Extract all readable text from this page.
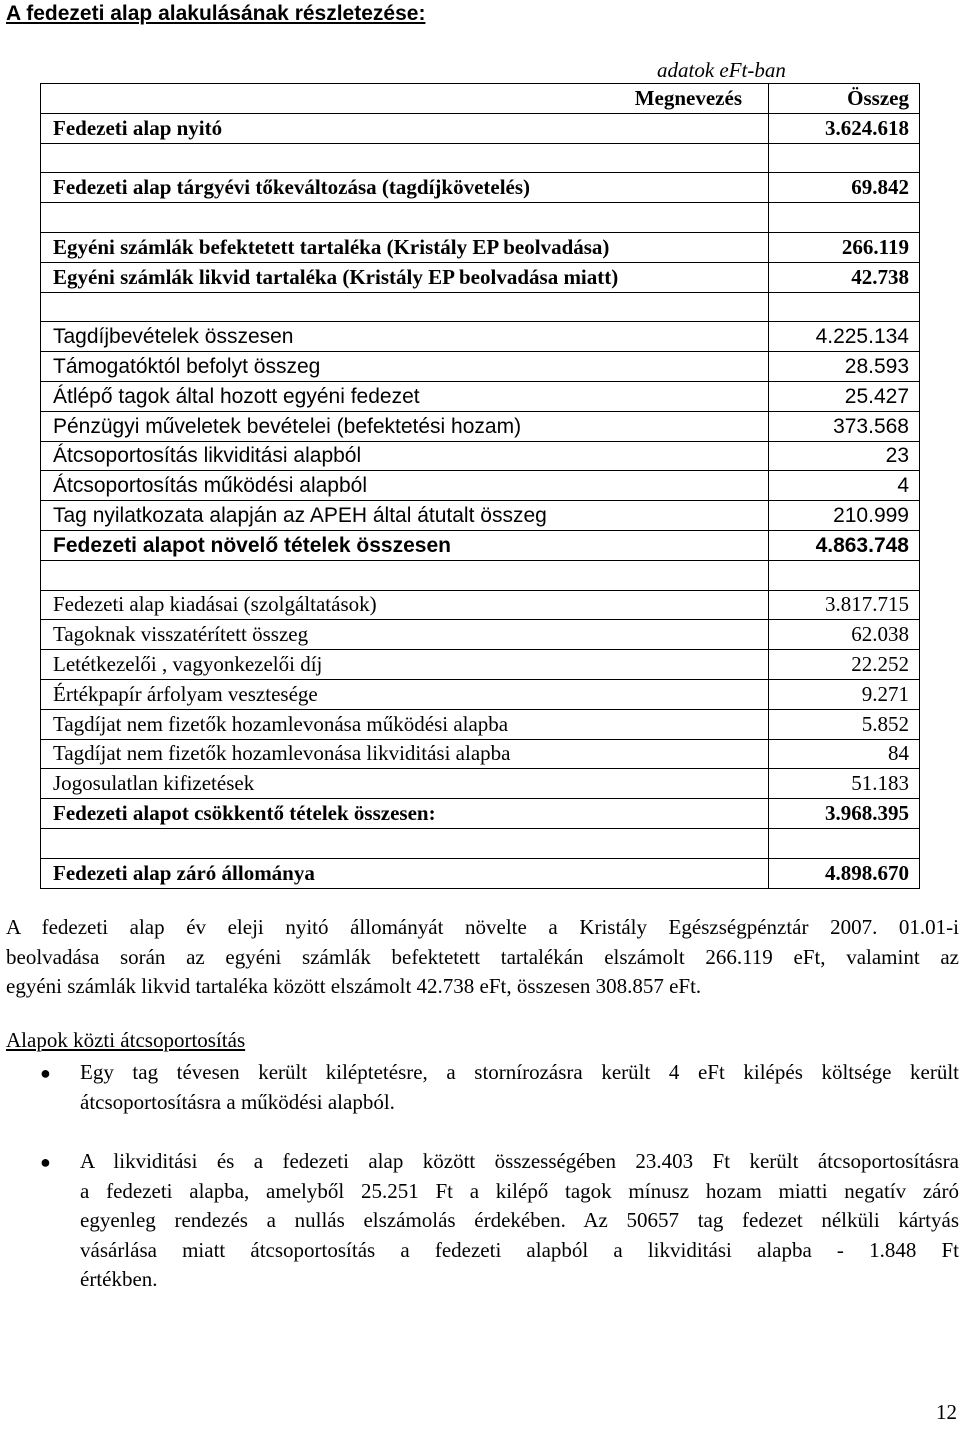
A fedezeti alap alakulásának részletezése:
adatok eFt-ban
Megnevezés	Összeg
Fedezeti alap nyitó	3.624.618

Fedezeti alap tárgyévi tőkeváltozása (tagdíjkövetelés)	69.842

Egyéni számlák befektetett tartaléka (Kristály EP beolvadása)	266.119
Egyéni számlák likvid tartaléka (Kristály EP beolvadása miatt)	42.738

Tagdíjbevételek összesen	4.225.134
Támogatóktól befolyt összeg	28.593
Átlépő tagok által hozott egyéni fedezet	25.427
Pénzügyi műveletek bevételei (befektetési hozam)	373.568
Átcsoportosítás likviditási alapból	23
Átcsoportosítás működési alapból	4
Tag nyilatkozata alapján az APEH által átutalt összeg	210.999
Fedezeti alapot növelő tételek összesen	4.863.748

Fedezeti alap kiadásai (szolgáltatások)	3.817.715
Tagoknak visszatérített összeg	62.038
Letétkezelői , vagyonkezelői díj	22.252
Értékpapír árfolyam vesztesége	9.271
Tagdíjat nem fizetők hozamlevonása működési alapba	5.852
Tagdíjat nem fizetők hozamlevonása likviditási alapba	84
Jogosulatlan kifizetések	51.183
Fedezeti alapot csökkentő tételek összesen:	3.968.395

Fedezeti alap záró állománya	4.898.670
A fedezeti alap év eleji nyitó állományát növelte a Kristály Egészségpénztár 2007. 01.01-i
beolvadása során az egyéni számlák befektetett tartalékán elszámolt 266.119 eFt, valamint az
egyéni számlák likvid tartaléka között elszámolt 42.738 eFt, összesen 308.857 eFt.
Alapok közti átcsoportosítás
● Egy tag tévesen került kiléptetésre, a stornírozásra került 4 eFt kilépés költsége került
átcsoportosításra a működési alapból.
● A likviditási és a fedezeti alap között összességében 23.403 Ft került átcsoportosításra
a fedezeti alapba, amelyből 25.251 Ft a kilépő tagok mínusz hozam miatti negatív záró
egyenleg rendezés a nullás elszámolás érdekében. Az 50657 tag fedezet nélküli kártyás
vásárlása miatt átcsoportosítás a fedezeti alapból a likviditási alapba - 1.848 Ft
értékben.
12
